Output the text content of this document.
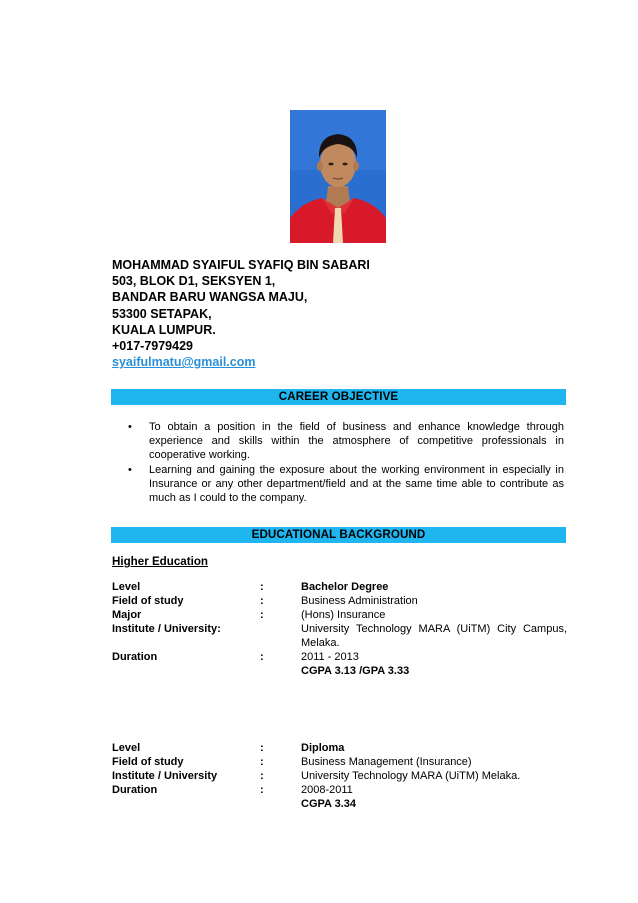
MOHAMMAD SYAIFUL SYAFIQ BIN SABARI
503, BLOK D1, SEKSYEN 1,
BANDAR BARU WANGSA MAJU,
53300 SETAPAK,
KUALA LUMPUR.
+017-7979429
syaifulmatu@gmail.com
CAREER OBJECTIVE
• To obtain a position in the field of business and enhance knowledge through experience and skills within the atmosphere of competitive professionals in cooperative working.
• Learning and gaining the exposure about the working environment in especially in Insurance or any other department/field and at the same time able to contribute as much as I could to the company.
EDUCATIONAL BACKGROUND
Higher Education
Level	:	Bachelor Degree
Field of study	:	Business Administration
Major	:	(Hons) Insurance
Institute / University:	University Technology MARA (UiTM) City Campus, Melaka.
Duration	:	2011 - 2013
CGPA 3.13 /GPA 3.33
Level	:	Diploma
Field of study	:	Business Management (Insurance)
Institute / University	:	University Technology MARA (UiTM) Melaka.
Duration	:	2008-2011
CGPA 3.34
